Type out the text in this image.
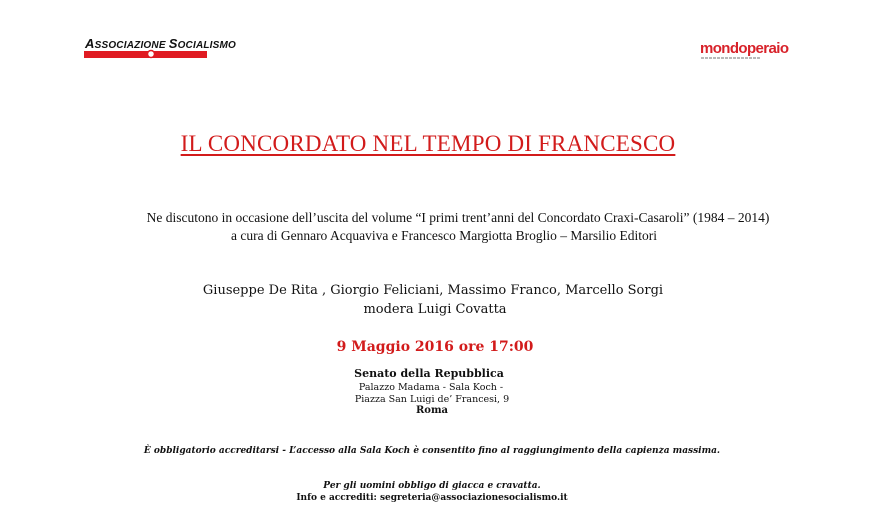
ASSOCIAZIONE SOCIALISMO	mondoperaio
IL CONCORDATO NEL TEMPO DI FRANCESCO
Ne discutono in occasione dell’uscita del volume “I primi trent’anni del Concordato Craxi-Casaroli” (1984 – 2014)
a cura di Gennaro Acquaviva e Francesco Margiotta Broglio – Marsilio Editori
Giuseppe De Rita , Giorgio Feliciani, Massimo Franco, Marcello Sorgi
modera Luigi Covatta
9 Maggio 2016 ore 17:00
Senato della Repubblica
Palazzo Madama - Sala Koch -
Piazza San Luigi de’ Francesi, 9
Roma
È obbligatorio accreditarsi - L’accesso alla Sala Koch è consentito fino al raggiungimento della capienza massima.
Per gli uomini obbligo di giacca e cravatta.
Info e accrediti: segreteria@associazionesocialismo.it
